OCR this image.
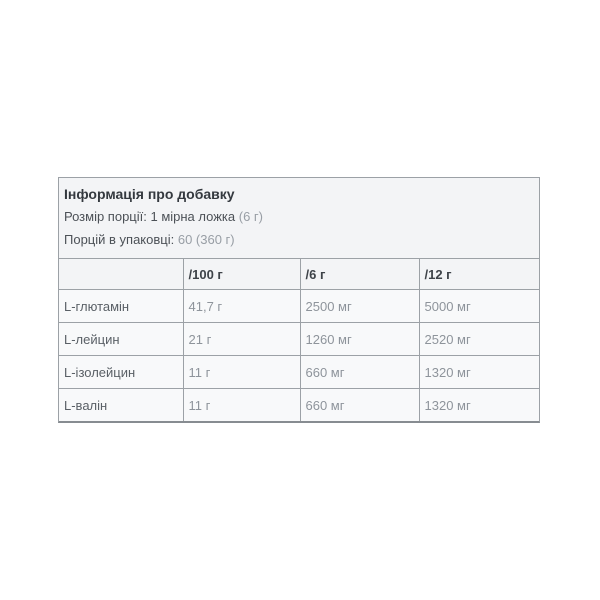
Інформація про добавку
Розмір порції: 1 мірна ложка (6 г)
Порцій в упаковці: 60 (360 г)
	/100 г	/6 г	/12 г
L-глютамін	41,7 г	2500 мг	5000 мг
L-лейцин	21 г	1260 мг	2520 мг
L-ізолейцин	11 г	660 мг	1320 мг
L-валін	11 г	660 мг	1320 мг
